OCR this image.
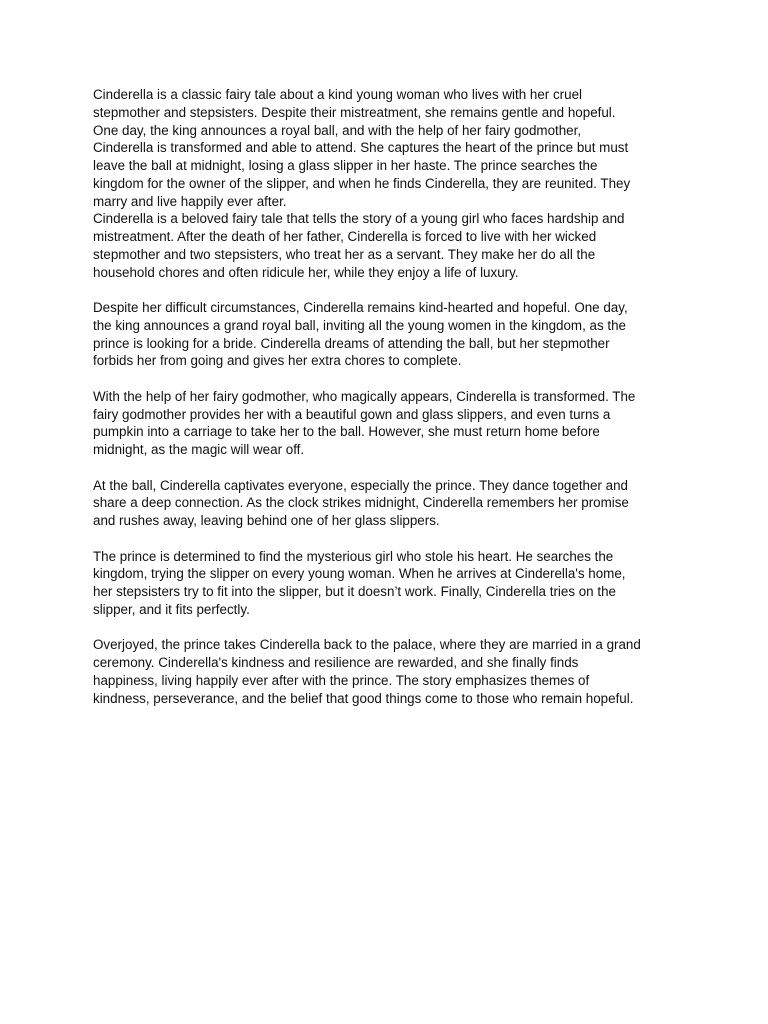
Cinderella is a classic fairy tale about a kind young woman who lives with her cruel
stepmother and stepsisters. Despite their mistreatment, she remains gentle and hopeful.
One day, the king announces a royal ball, and with the help of her fairy godmother,
Cinderella is transformed and able to attend. She captures the heart of the prince but must
leave the ball at midnight, losing a glass slipper in her haste. The prince searches the
kingdom for the owner of the slipper, and when he finds Cinderella, they are reunited. They
marry and live happily ever after.

Cinderella is a beloved fairy tale that tells the story of a young girl who faces hardship and
mistreatment. After the death of her father, Cinderella is forced to live with her wicked
stepmother and two stepsisters, who treat her as a servant. They make her do all the
household chores and often ridicule her, while they enjoy a life of luxury.

Despite her difficult circumstances, Cinderella remains kind-hearted and hopeful. One day,
the king announces a grand royal ball, inviting all the young women in the kingdom, as the
prince is looking for a bride. Cinderella dreams of attending the ball, but her stepmother
forbids her from going and gives her extra chores to complete.

With the help of her fairy godmother, who magically appears, Cinderella is transformed. The
fairy godmother provides her with a beautiful gown and glass slippers, and even turns a
pumpkin into a carriage to take her to the ball. However, she must return home before
midnight, as the magic will wear off.

At the ball, Cinderella captivates everyone, especially the prince. They dance together and
share a deep connection. As the clock strikes midnight, Cinderella remembers her promise
and rushes away, leaving behind one of her glass slippers.

The prince is determined to find the mysterious girl who stole his heart. He searches the
kingdom, trying the slipper on every young woman. When he arrives at Cinderella's home,
her stepsisters try to fit into the slipper, but it doesn’t work. Finally, Cinderella tries on the
slipper, and it fits perfectly.

Overjoyed, the prince takes Cinderella back to the palace, where they are married in a grand
ceremony. Cinderella's kindness and resilience are rewarded, and she finally finds
happiness, living happily ever after with the prince. The story emphasizes themes of
kindness, perseverance, and the belief that good things come to those who remain hopeful.
